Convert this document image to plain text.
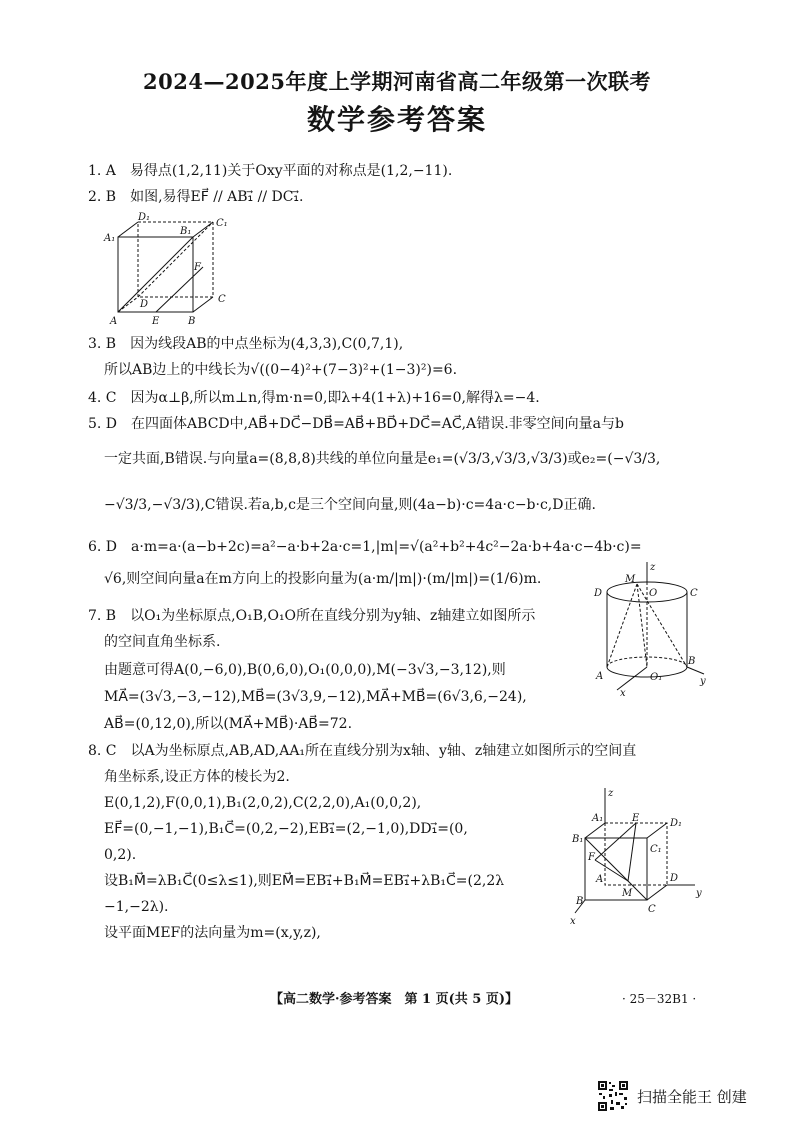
2024—2025年度上学期河南省高二年级第一次联考
数学参考答案
1. A　易得点(1,2,11)关于Oxy平面的对称点是(1,2,−11).
2. B　如图,易得EF⃗ // AB₁⃗ // DC₁⃗.
D₁
C₁
A₁
B₁
F
D	C
A	E	B
3. B　因为线段AB的中点坐标为(4,3,3),C(0,7,1),
所以AB边上的中线长为√((0−4)²+(7−3)²+(1−3)²)=6.
4. C　因为α⊥β,所以m⊥n,得m·n=0,即λ+4(1+λ)+16=0,解得λ=−4.
5. D　在四面体ABCD中,AB⃗+DC⃗−DB⃗=AB⃗+BD⃗+DC⃗=AC⃗,A错误.非零空间向量a与b
一定共面,B错误.与向量a=(8,8,8)共线的单位向量是e₁=(√3/3,√3/3,√3/3)或e₂=(−√3/3,
−√3/3,−√3/3),C错误.若a,b,c是三个空间向量,则(4a−b)·c=4a·c−b·c,D正确.
6. D　a·m=a·(a−b+2c)=a²−a·b+2a·c=1,|m|=√(a²+b²+4c²−2a·b+4a·c−4b·c)=
√6,则空间向量a在m方向上的投影向量为(a·m/|m|)·(m/|m|)=(1/6)m.
z
M
D	O	C
A	O₁
B
y
x
7. B　以O₁为坐标原点,O₁B,O₁O所在直线分别为y轴、z轴建立如图所示
的空间直角坐标系.
由题意可得A(0,−6,0),B(0,6,0),O₁(0,0,0),M(−3√3,−3,12),则
MA⃗=(3√3,−3,−12),MB⃗=(3√3,9,−12),MA⃗+MB⃗=(6√3,6,−24),
AB⃗=(0,12,0),所以(MA⃗+MB⃗)·AB⃗=72.
8. C　以A为坐标原点,AB,AD,AA₁所在直线分别为x轴、y轴、z轴建立如图所示的空间直
角坐标系,设正方体的棱长为2.
E(0,1,2),F(0,0,1),B₁(2,0,2),C(2,2,0),A₁(0,0,2),
EF⃗=(0,−1,−1),B₁C⃗=(0,2,−2),EB₁⃗=(2,−1,0),DD₁⃗=(0,
0,2).
设B₁M⃗=λB₁C⃗(0≤λ≤1),则EM⃗=EB₁⃗+B₁M⃗=EB₁⃗+λB₁C⃗=(2,2λ
−1,−2λ).
设平面MEF的法向量为m=(x,y,z),
z
A₁	E	D₁
B₁
F
C₁
A	D
B
M
C
y
x
【高二数学·参考答案　第 1 页(共 5 页)】	· 25－32B1 ·
扫描全能王 创建
